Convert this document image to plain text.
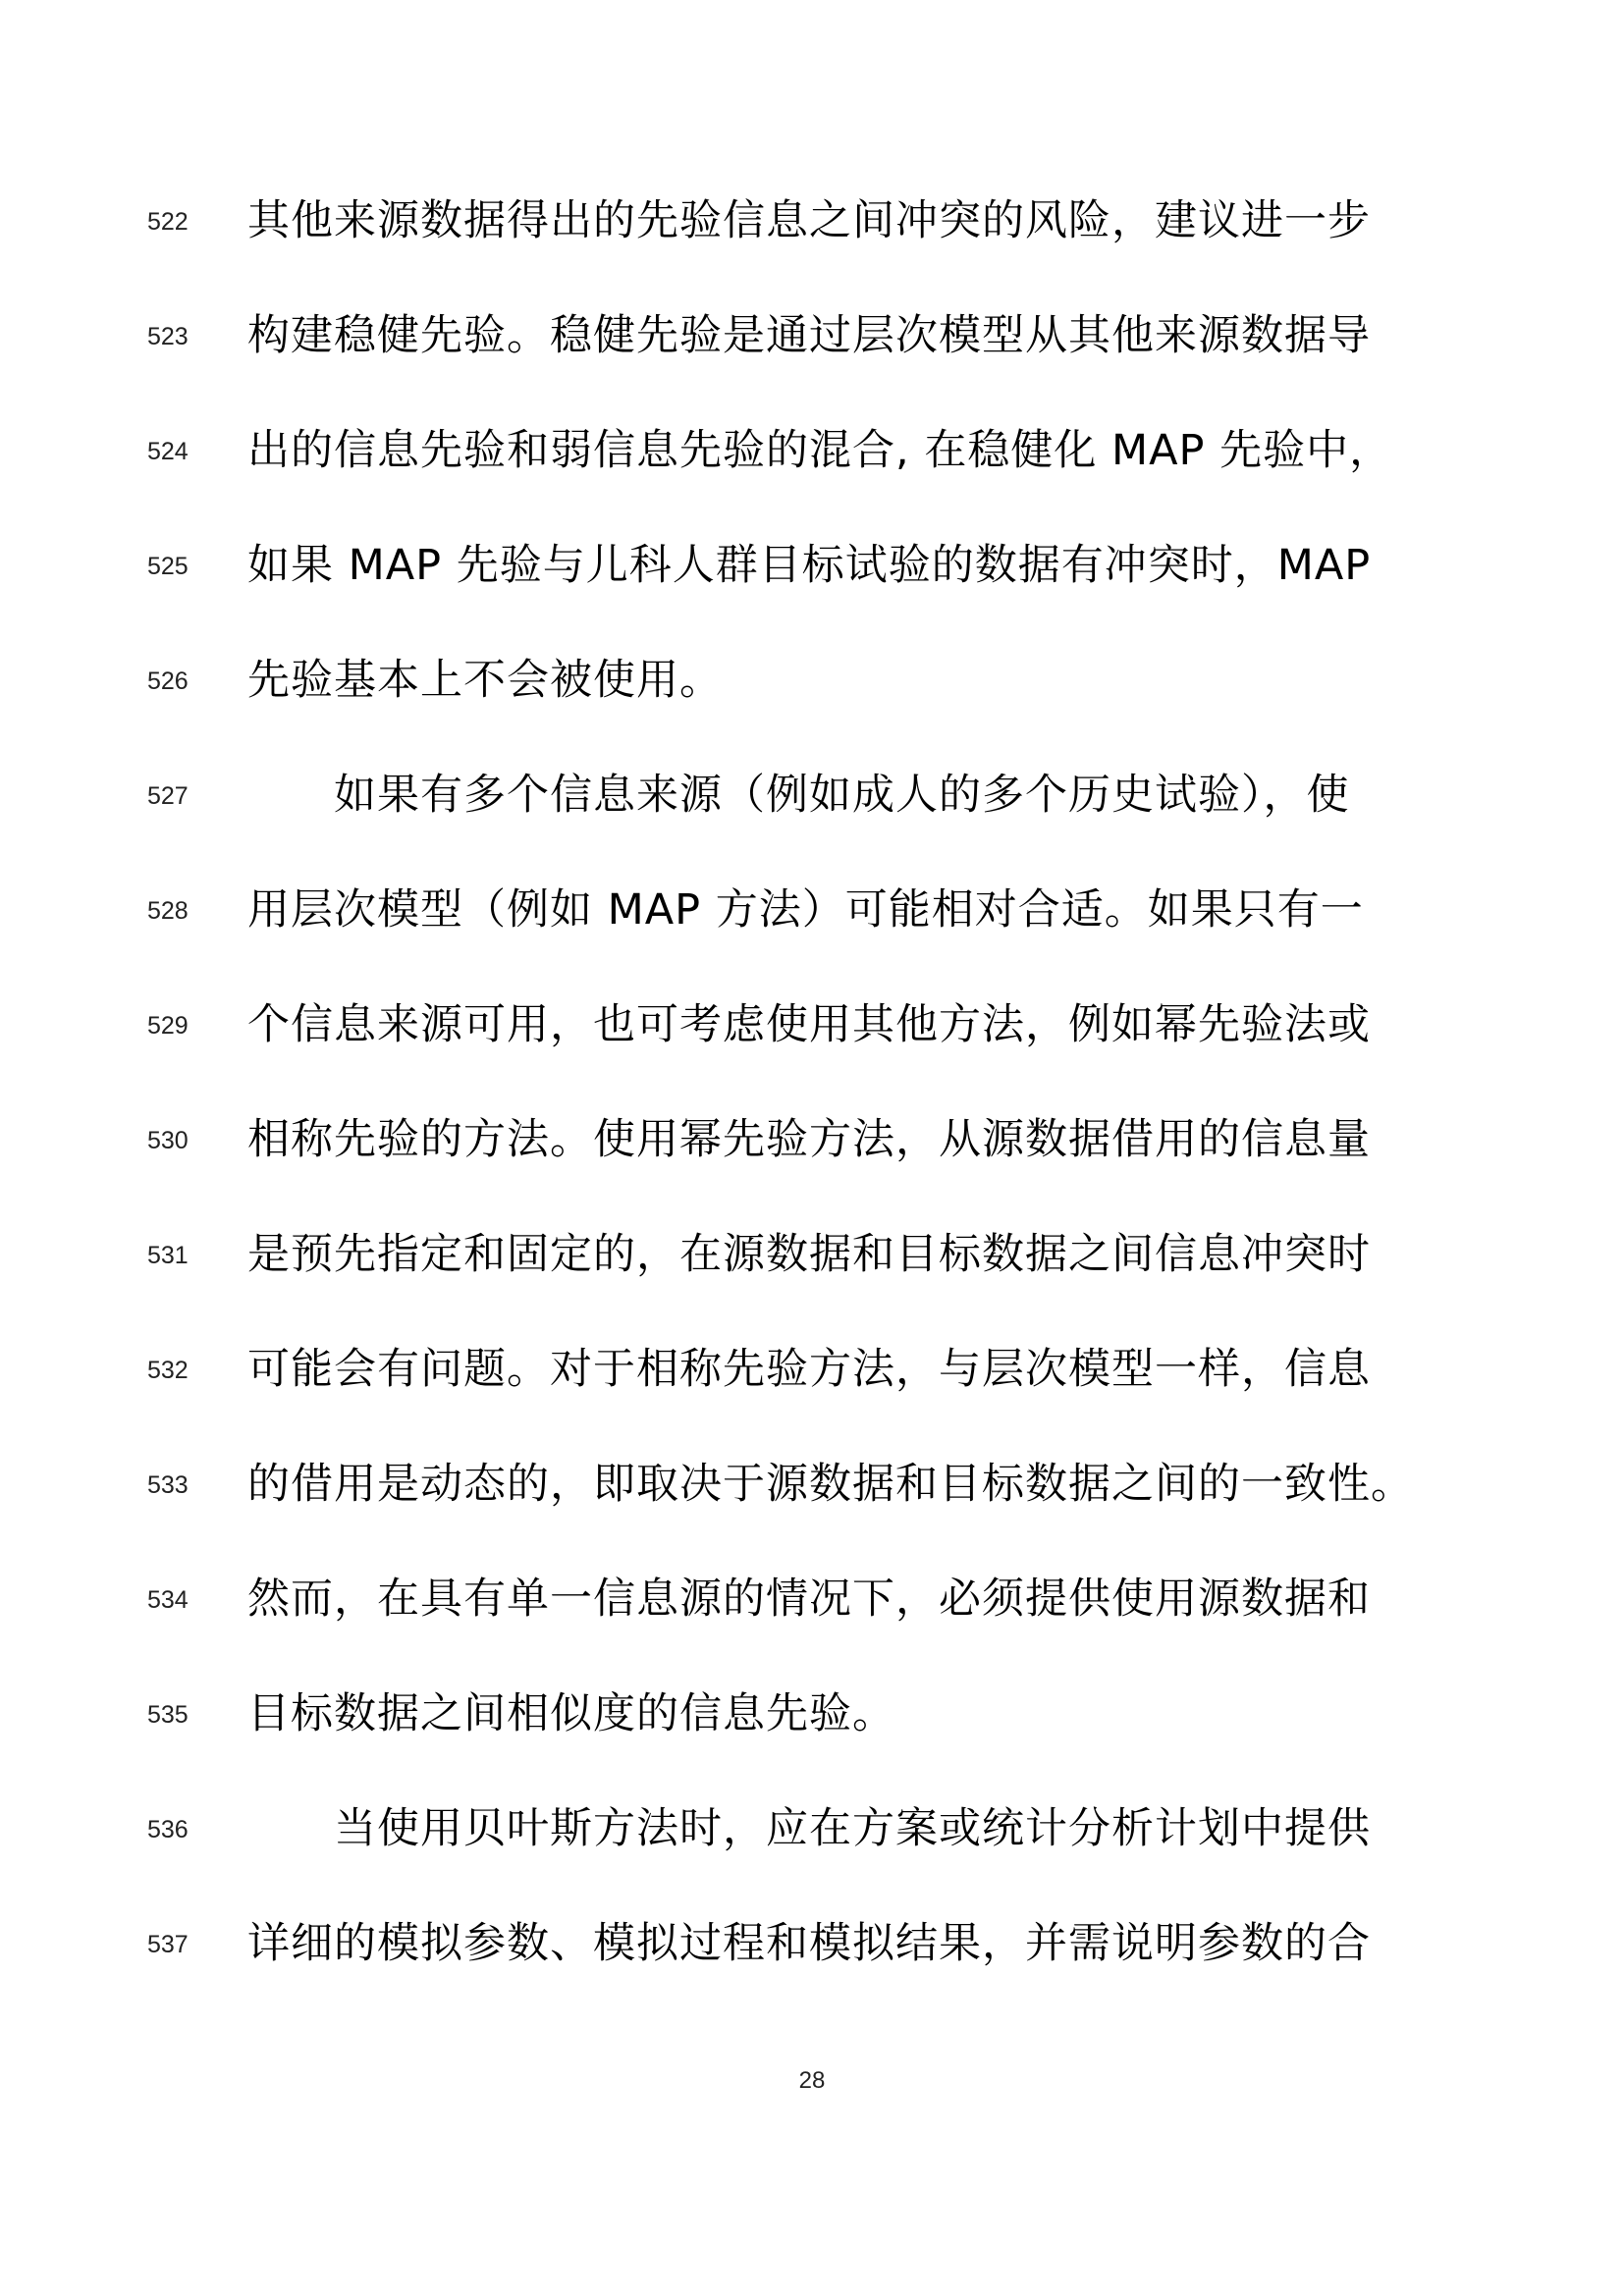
522	其他来源数据得出的先验信息之间冲突的风险，建议进一步
523	构建稳健先验。稳健先验是通过层次模型从其他来源数据导
524	出的信息先验和弱信息先验的混合, 在稳健化 MAP 先验中，
525	如果 MAP 先验与儿科人群目标试验的数据有冲突时，MAP
526	先验基本上不会被使用。
527	如果有多个信息来源（例如成人的多个历史试验），使
528	用层次模型（例如 MAP 方法）可能相对合适。如果只有一
529	个信息来源可用，也可考虑使用其他方法，例如幂先验法或
530	相称先验的方法。使用幂先验方法，从源数据借用的信息量
531	是预先指定和固定的，在源数据和目标数据之间信息冲突时
532	可能会有问题。对于相称先验方法，与层次模型一样，信息
533	的借用是动态的，即取决于源数据和目标数据之间的一致性。
534	然而，在具有单一信息源的情况下，必须提供使用源数据和
535	目标数据之间相似度的信息先验。
536	当使用贝叶斯方法时，应在方案或统计分析计划中提供
537	详细的模拟参数、模拟过程和模拟结果，并需说明参数的合
28
